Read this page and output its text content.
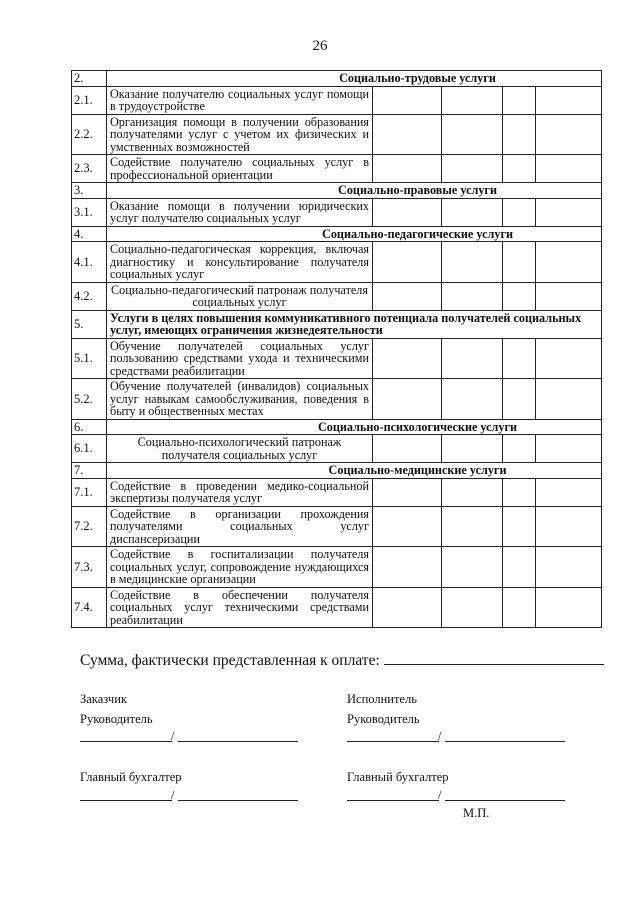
26
2.	Социально-трудовые услуги				
2.1.	Оказание получателю социальных услуг помощи в трудоустройстве				
2.2.	Организация помощи в получении образования получателями услуг с учетом их физических и умственных возможностей				
2.3.	Содействие получателю социальных услуг в профессиональной ориентации				
3.	Социально-правовые услуги				
3.1.	Оказание помощи в получении юридических услуг получателю социальных услуг				
4.	Социально-педагогические услуги				
4.1.	Социально-педагогическая коррекция, включая диагностику и консультирование получателя социальных услуг				
4.2.	Социально-педагогический патронаж получателя социальных услуг				
5.	Услуги в целях повышения коммуникативного потенциала получателей социальных услуг, имеющих ограничения жизнедеятельности				
5.1.	Обучение получателей социальных услуг пользованию средствами ухода и техническими средствами реабилитации				
5.2.	Обучение получателей (инвалидов) социальных услуг навыкам самообслуживания, поведения в быту и общественных местах				
6.	Социально-психологические услуги				
6.1.	Социально-психологический патронаж получателя социальных услуг				
7.	Социально-медицинские услуги				
7.1.	Содействие в проведении медико-социальной экспертизы получателя услуг				
7.2.	Содействие в организации прохождения получателями социальных услуг диспансеризации				
7.3.	Содействие в госпитализации получателя социальных услуг, сопровождение нуждающихся в медицинские организации				
7.4.	Содействие в обеспечении получателя социальных услуг техническими средствами реабилитации				
Сумма, фактически представленная к оплате:
Заказчик
Руководитель
/
Главный бухгалтер
/
Исполнитель
Руководитель
/
Главный бухгалтер
/
М.П.
